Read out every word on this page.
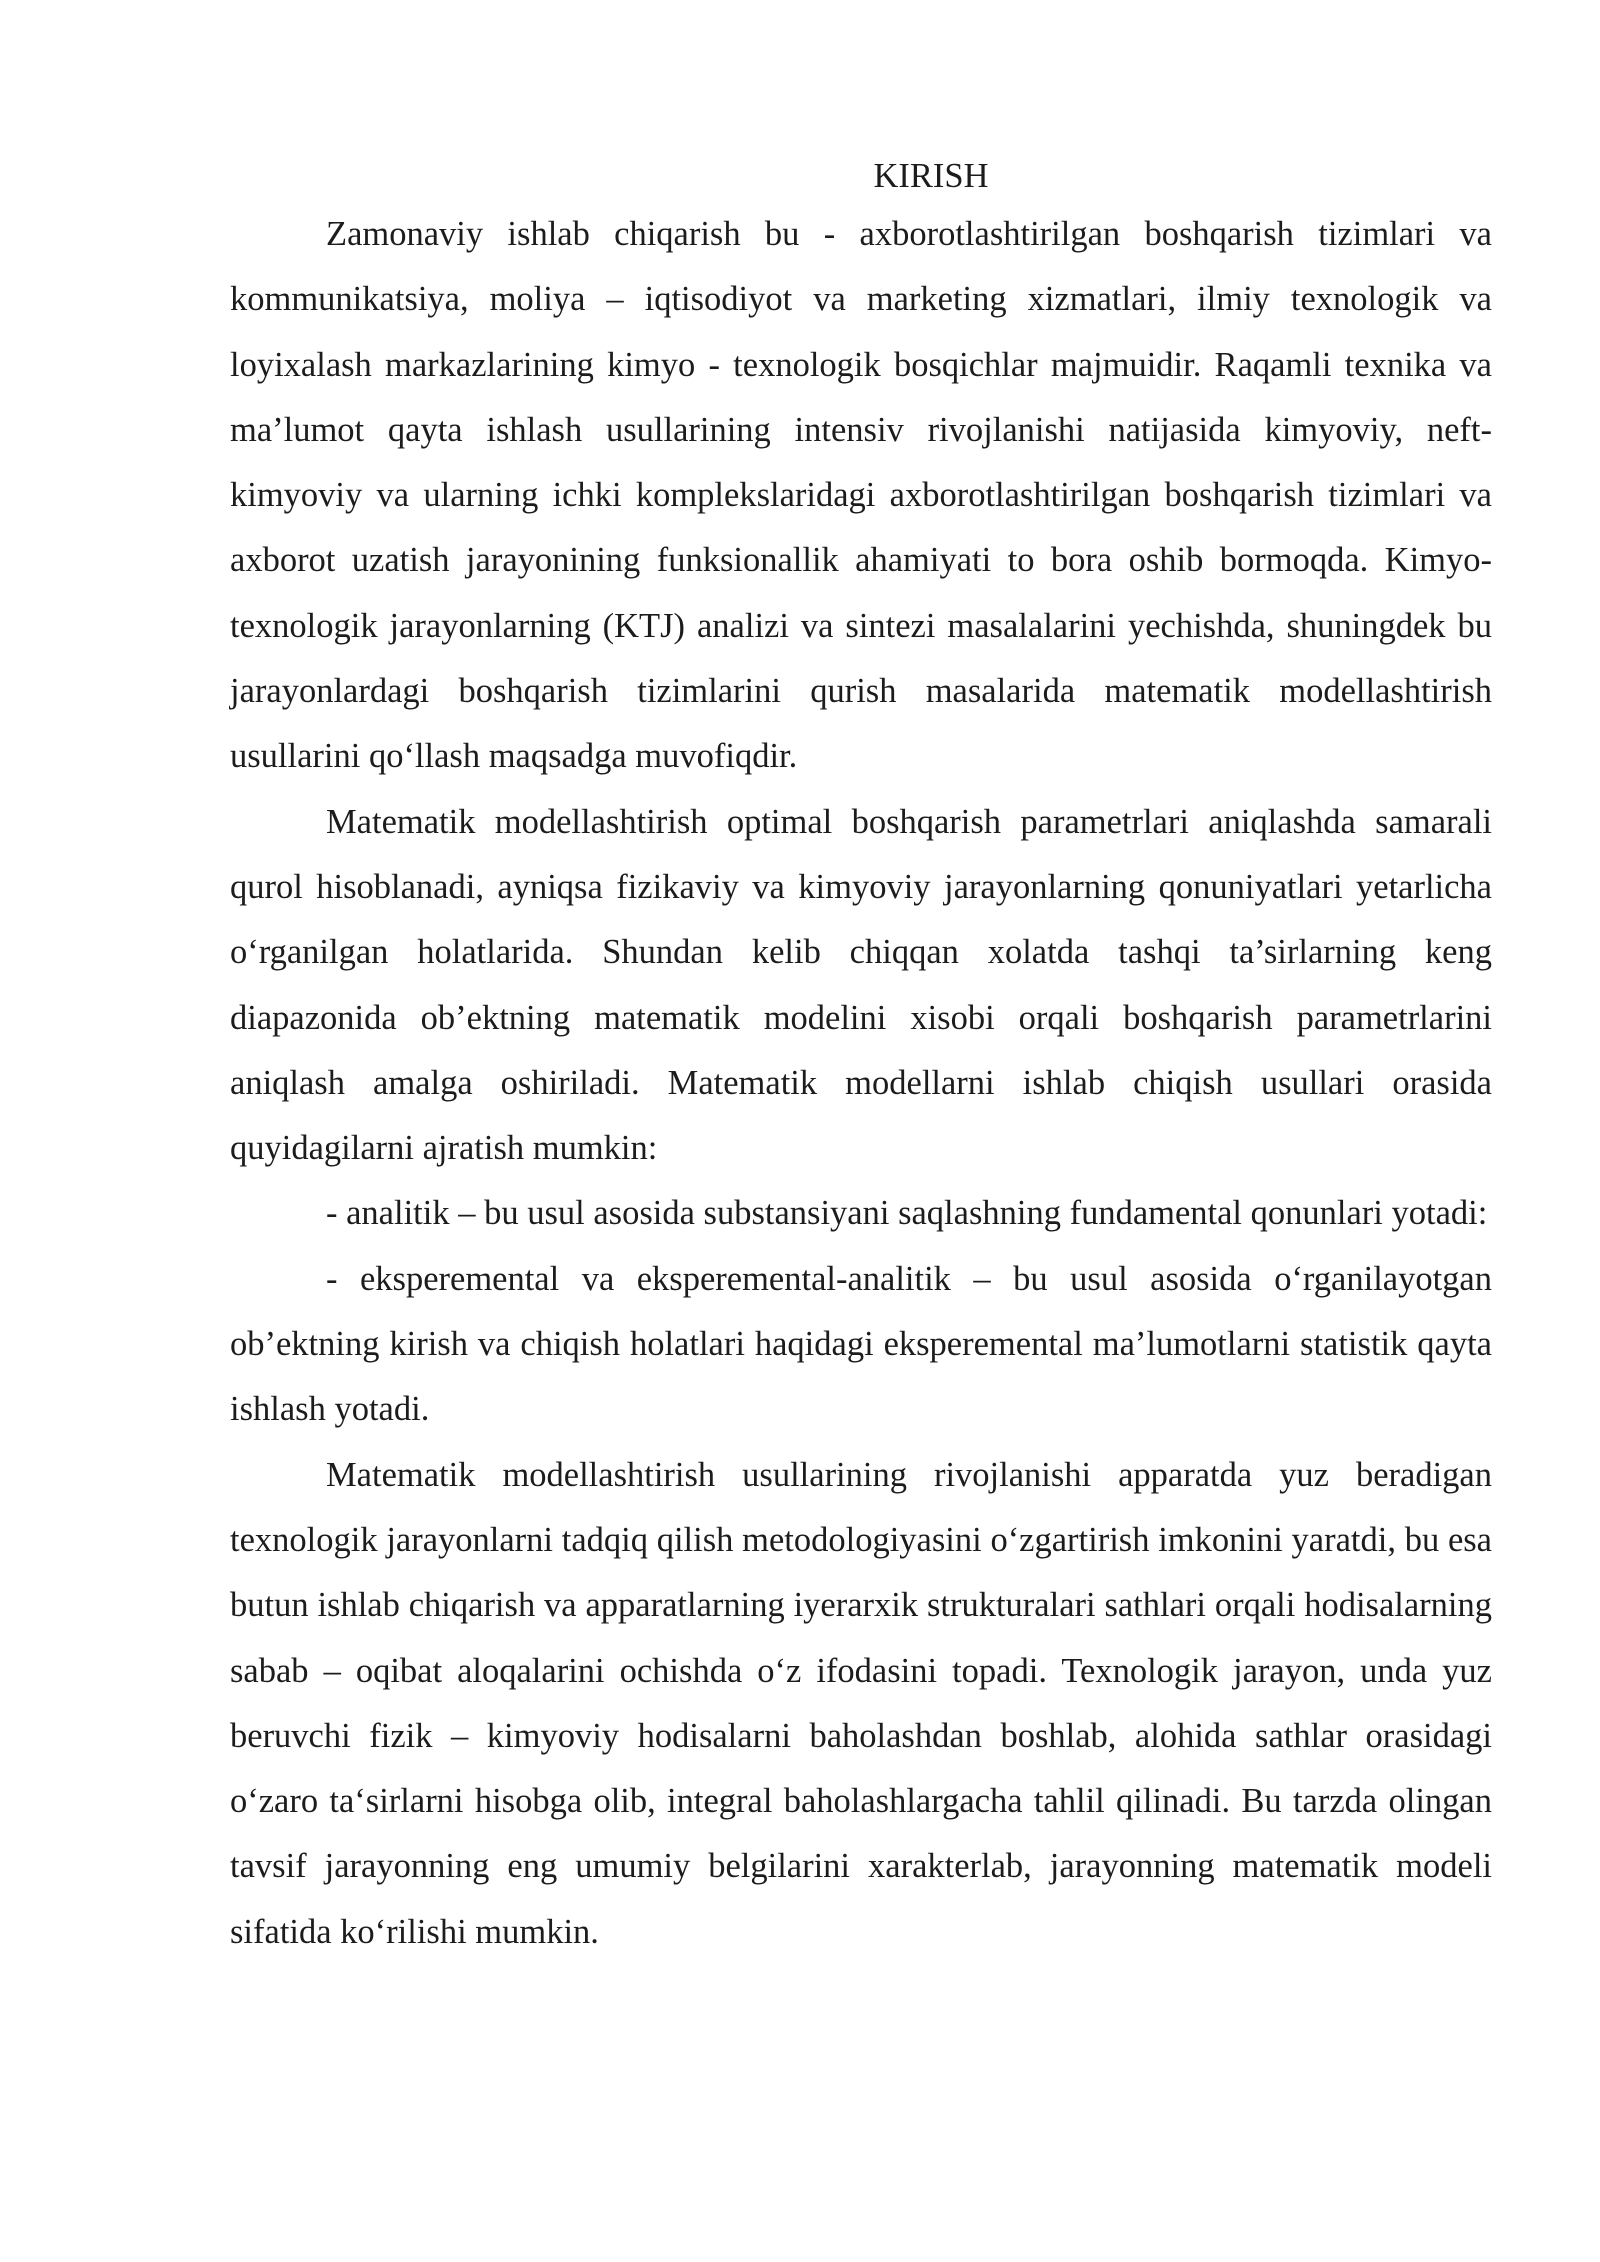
KIRISH

Zamonaviy ishlab chiqarish bu - axborotlashtirilgan boshqarish tizimlari va kommunikatsiya, moliya – iqtisodiyot va marketing xizmatlari, ilmiy texnologik va loyixalash markazlarining kimyo - texnologik bosqichlar majmuidir. Raqamli texnika va ma’lumot qayta ishlash usullarining intensiv rivojlanishi natijasida kimyoviy, neft-kimyoviy va ularning ichki komplekslaridagi axborotlashtirilgan boshqarish tizimlari va axborot uzatish jarayonining funksionallik ahamiyati to bora oshib bormoqda. Kimyo-texnologik jarayonlarning (KTJ) analizi va sintezi masalalarini yechishda, shuningdek bu jarayonlardagi boshqarish tizimlarini qurish masalarida matematik modellashtirish usullarini qo‘llash maqsadga muvofiqdir.

Matematik modellashtirish optimal boshqarish parametrlari aniqlashda samarali qurol hisoblanadi, ayniqsa fizikaviy va kimyoviy jarayonlarning qonuniyatlari yetarlicha o‘rganilgan holatlarida. Shundan kelib chiqqan xolatda tashqi ta’sirlarning keng diapazonida ob’ektning matematik modelini xisobi orqali boshqarish parametrlarini aniqlash amalga oshiriladi. Matematik modellarni ishlab chiqish usullari orasida quyidagilarni ajratish mumkin:

- analitik – bu usul asosida substansiyani saqlashning fundamental qonunlari yotadi:

- eksperemental va eksperemental-analitik – bu usul asosida o‘rganilayotgan ob’ektning kirish va chiqish holatlari haqidagi eksperemental ma’lumotlarni statistik qayta ishlash yotadi.

Matematik modellashtirish usullarining rivojlanishi apparatda yuz beradigan texnologik jarayonlarni tadqiq qilish metodologiyasini o‘zgartirish imkonini yaratdi, bu esa butun ishlab chiqarish va apparatlarning iyerarxik strukturalari sathlari orqali hodisalarning sabab – oqibat aloqalarini ochishda o‘z ifodasini topadi. Texnologik jarayon, unda yuz beruvchi fizik – kimyoviy hodisalarni baholashdan boshlab, alohida sathlar orasidagi o‘zaro ta‘sirlarni hisobga olib, integral baholashlargacha tahlil qilinadi. Bu tarzda olingan tavsif jarayonning eng umumiy belgilarini xarakterlab, jarayonning matematik modeli sifatida ko‘rilishi mumkin.
